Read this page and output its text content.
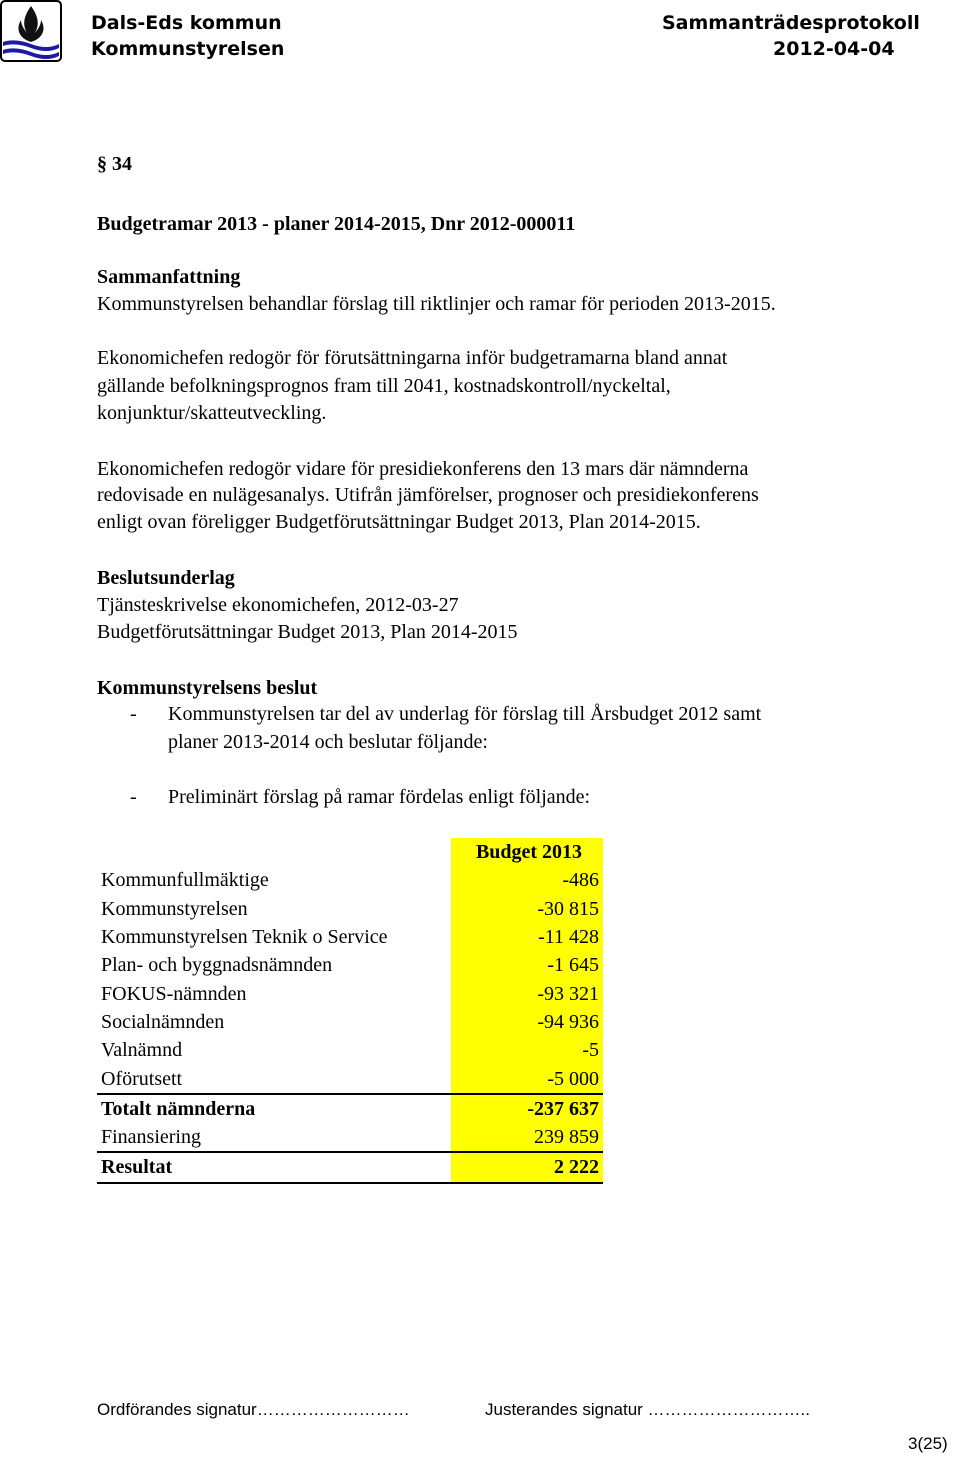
Dals-Eds kommun
Kommunstyrelsen
Sammanträdesprotokoll
2012-04-04
§ 34
Budgetramar 2013 - planer 2014-2015, Dnr 2012-000011
Sammanfattning
Kommunstyrelsen behandlar förslag till riktlinjer och ramar för perioden 2013-2015.
Ekonomichefen redogör för förutsättningarna inför budgetramarna bland annat
gällande befolkningsprognos fram till 2041, kostnadskontroll/nyckeltal,
konjunktur/skatteutveckling.
Ekonomichefen redogör vidare för presidiekonferens den 13 mars där nämnderna
redovisade en nulägesanalys. Utifrån jämförelser, prognoser och presidiekonferens
enligt ovan föreligger Budgetförutsättningar Budget 2013, Plan 2014-2015.
Beslutsunderlag
Tjänsteskrivelse ekonomichefen, 2012-03-27
Budgetförutsättningar Budget 2013, Plan 2014-2015
Kommunstyrelsens beslut
- Kommunstyrelsen tar del av underlag för förslag till Årsbudget 2012 samt
planer 2013-2014 och beslutar följande:
- Preliminärt förslag på ramar fördelas enligt följande:
	Budget 2013
Kommunfullmäktige	-486
Kommunstyrelsen	-30 815
Kommunstyrelsen Teknik o Service	-11 428
Plan- och byggnadsnämnden	-1 645
FOKUS-nämnden	-93 321
Socialnämnden	-94 936
Valnämnd	-5
Oförutsett	-5 000
Totalt nämnderna	-237 637
Finansiering	239 859
Resultat	2 222
Ordförandes signatur………………………	Justerandes signatur ………………………..
3(25)
